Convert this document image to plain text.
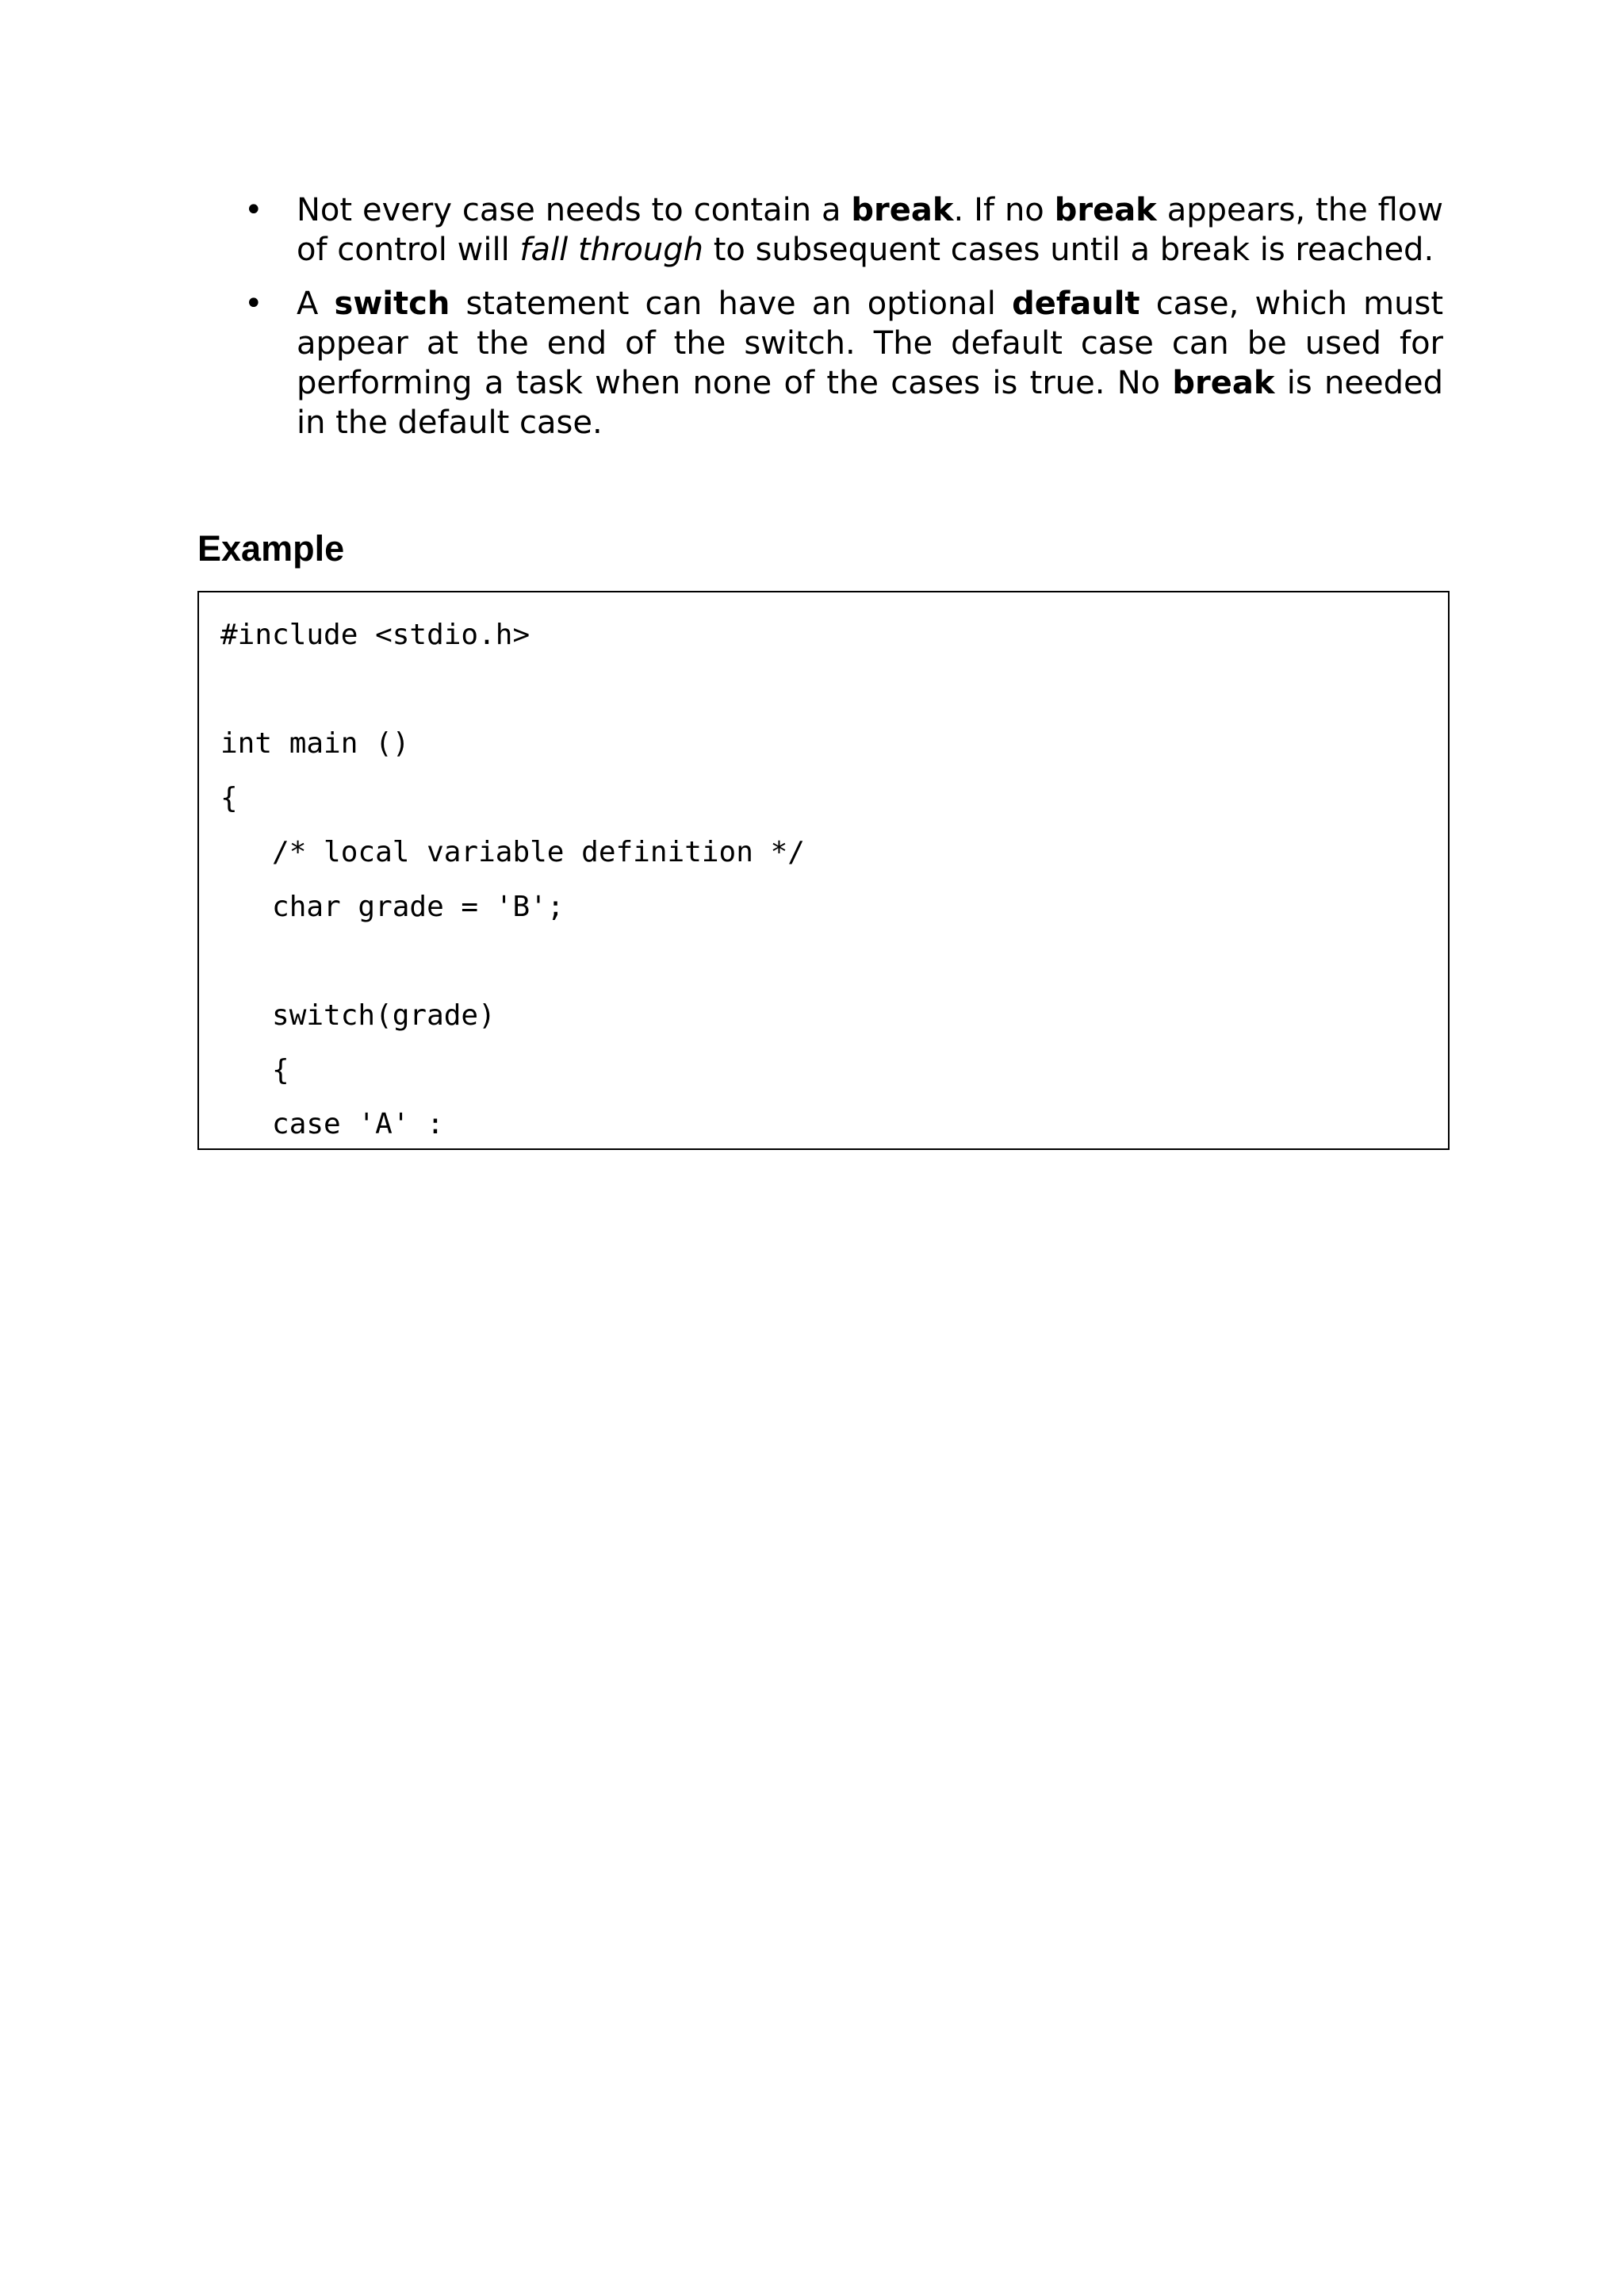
• Not every case needs to contain a break. If no break appears, the flow of control will fall through to subsequent cases until a break is reached.
• A switch statement can have an optional default case, which must appear at the end of the switch. The default case can be used for performing a task when none of the cases is true. No break is needed in the default case.
Example
#include <stdio.h>
int main ()
{
/* local variable definition */
char grade = 'B';
switch(grade)
{
case 'A' :
